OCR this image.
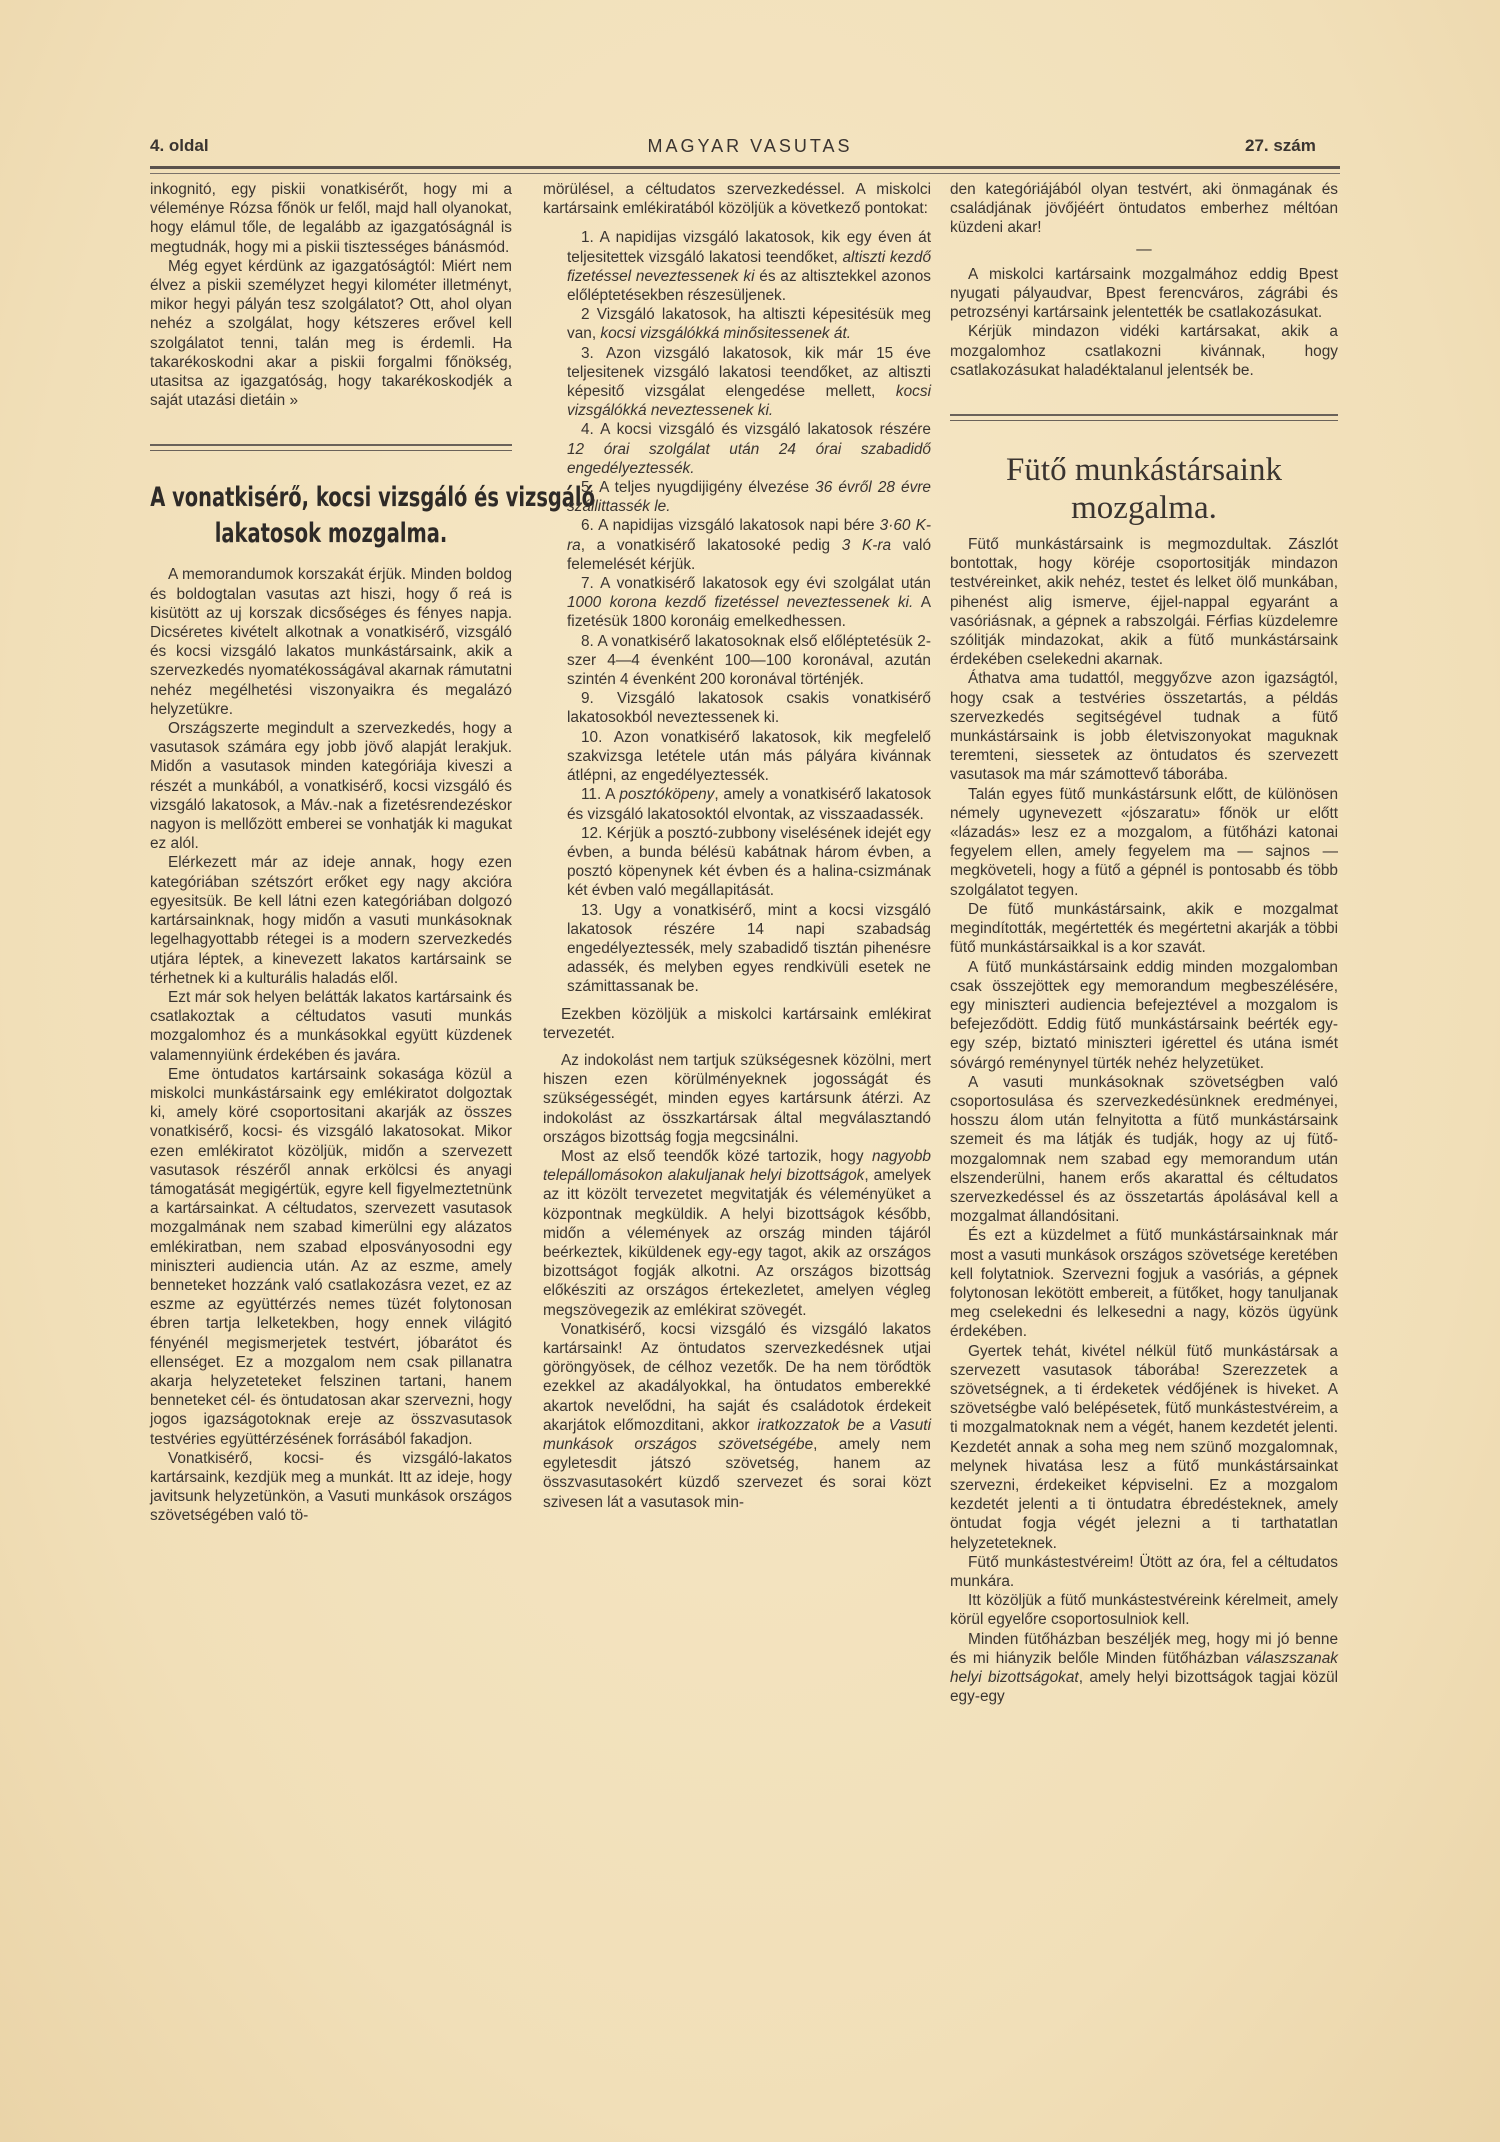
4. oldal	MAGYAR VASUTAS	27. szám

inkognitó, egy piskii vonatkisérőt, hogy mi a véleménye Rózsa főnök ur felől, majd hall olyanokat, hogy elámul tőle, de legalább az igazgatóságnál is megtudnák, hogy mi a piskii tisztességes bánásmód.

Még egyet kérdünk az igazgatóságtól: Miért nem élvez a piskii személyzet hegyi kilométer illetményt, mikor hegyi pályán tesz szolgálatot? Ott, ahol olyan nehéz a szolgálat, hogy kétszeres erővel kell szolgálatot tenni, talán meg is érdemli. Ha takarékoskodni akar a piskii forgalmi főnökség, utasitsa az igazgatóság, hogy takarékoskodjék a saját utazási dietáin »

A vonatkisérő, kocsi vizsgáló és vizsgáló
lakatosok mozgalma.

A memorandumok korszakát érjük. Minden boldog és boldogtalan vasutas azt hiszi, hogy ő reá is kisütött az uj korszak dicsőséges és fényes napja. Dicséretes kivételt alkotnak a vonatkisérő, vizsgáló és kocsi vizsgáló lakatos munkástársaink, akik a szervezkedés nyomatékosságával akarnak rámutatni nehéz megélhetési viszonyaikra és megalázó helyzetükre.

Országszerte megindult a szervezkedés, hogy a vasutasok számára egy jobb jövő alapját lerakjuk. Midőn a vasutasok minden kategóriája kiveszi a részét a munkából, a vonatkisérő, kocsi vizsgáló és vizsgáló lakatosok, a Máv.-nak a fizetésrendezéskor nagyon is mellőzött emberei se vonhatják ki magukat ez alól.

Elérkezett már az ideje annak, hogy ezen kategóriában szétszórt erőket egy nagy akcióra egyesitsük. Be kell látni ezen kategóriában dolgozó kartársainknak, hogy midőn a vasuti munkásoknak legelhagyottabb rétegei is a modern szervezkedés utjára léptek, a kinevezett lakatos kartársaink se térhetnek ki a kulturális haladás elől.

Ezt már sok helyen belátták lakatos kartársaink és csatlakoztak a céltudatos vasuti munkás mozgalomhoz és a munkásokkal együtt küzdenek valamennyiünk érdekében és javára.

Eme öntudatos kartársaink sokasága közül a miskolci munkástársaink egy emlékiratot dolgoztak ki, amely köré csoportositani akarják az összes vonatkisérő, kocsi- és vizsgáló lakatosokat. Mikor ezen emlékiratot közöljük, midőn a szervezett vasutasok részéről annak erkölcsi és anyagi támogatását megigértük, egyre kell figyelmeztetnünk a kartársainkat. A céltudatos, szervezett vasutasok mozgalmának nem szabad kimerülni egy alázatos emlékiratban, nem szabad elposványosodni egy miniszteri audiencia után. Az az eszme, amely benneteket hozzánk való csatlakozásra vezet, ez az eszme az együttérzés nemes tüzét folytonosan ébren tartja lelketekben, hogy ennek világitó fényénél megismerjetek testvért, jóbarátot és ellenséget. Ez a mozgalom nem csak pillanatra akarja helyzeteteket felszinen tartani, hanem benneteket cél- és öntudatosan akar szervezni, hogy jogos igazságotoknak ereje az összvasutasok testvéries együttérzésének forrásából fakadjon.

Vonatkisérő, kocsi- és vizsgáló-lakatos kartársaink, kezdjük meg a munkát. Itt az ideje, hogy javitsunk helyzetünkön, a Vasuti munkások országos szövetségében való tö-

mörülésel, a céltudatos szervezkedéssel. A miskolci kartársaink emlékiratából közöljük a következő pontokat:

1. A napidijas vizsgáló lakatosok, kik egy éven át teljesitettek vizsgáló lakatosi teendőket, altiszti kezdő fizetéssel neveztessenek ki és az altisztekkel azonos előléptetésekben részesüljenek.

2 Vizsgáló lakatosok, ha altiszti képesitésük meg van, kocsi vizsgálókká minősitessenek át.

3. Azon vizsgáló lakatosok, kik már 15 éve teljesitenek vizsgáló lakatosi teendőket, az altiszti képesitő vizsgálat elengedése mellett, kocsi vizsgálókká neveztessenek ki.

4. A kocsi vizsgáló és vizsgáló lakatosok részére 12 órai szolgálat után 24 órai szabadidő engedélyeztessék.

5. A teljes nyugdijigény élvezése 36 évről 28 évre szállittassék le.

6. A napidijas vizsgáló lakatosok napi bére 3·60 K-ra, a vonatkisérő lakatosoké pedig 3 K-ra való felemelését kérjük.

7. A vonatkisérő lakatosok egy évi szolgálat után 1000 korona kezdő fizetéssel neveztessenek ki. A fizetésük 1800 koronáig emelkedhessen.

8. A vonatkisérő lakatosoknak első előléptetésük 2-szer 4—4 évenként 100—100 koronával, azután szintén 4 évenként 200 koronával történjék.

9. Vizsgáló lakatosok csakis vonatkisérő lakatosokból neveztessenek ki.

10. Azon vonatkisérő lakatosok, kik megfelelő szakvizsga letétele után más pályára kivánnak átlépni, az engedélyeztessék.

11. A posztóköpeny, amely a vonatkisérő lakatosok és vizsgáló lakatosoktól elvontak, az visszaadassék.

12. Kérjük a posztó-zubbony viselésének idejét egy évben, a bunda bélésü kabátnak három évben, a posztó köpenynek két évben és a halina-csizmának két évben való megállapitását.

13. Ugy a vonatkisérő, mint a kocsi vizsgáló lakatosok részére 14 napi szabadság engedélyeztessék, mely szabadidő tisztán pihenésre adassék, és melyben egyes rendkivüli esetek ne számittassanak be.

Ezekben közöljük a miskolci kartársaink emlékirat tervezetét.

Az indokolást nem tartjuk szükségesnek közölni, mert hiszen ezen körülményeknek jogosságát és szükségességét, minden egyes kartársunk átérzi. Az indokolást az összkartársak által megválasztandó országos bizottság fogja megcsinálni.

Most az első teendők közé tartozik, hogy nagyobb telepállomásokon alakuljanak helyi bizottságok, amelyek az itt közölt tervezetet megvitatják és véleményüket a központnak megküldik. A helyi bizottságok később, midőn a vélemények az ország minden tájáról beérkeztek, kiküldenek egy-egy tagot, akik az országos bizottságot fogják alkotni. Az országos bizottság előkésziti az országos értekezletet, amelyen végleg megszövegezik az emlékirat szövegét.

Vonatkisérő, kocsi vizsgáló és vizsgáló lakatos kartársaink! Az öntudatos szervezkedésnek utjai göröngyösek, de célhoz vezetők. De ha nem törődtök ezekkel az akadályokkal, ha öntudatos emberekké akartok nevelődni, ha saját és családotok érdekeit akarjátok előmozditani, akkor iratkozzatok be a Vasuti munkások országos szövetségébe, amely nem egyletesdit játszó szövetség, hanem az összvasutasokért küzdő szervezet és sorai közt szivesen lát a vasutasok min-

den kategóriájából olyan testvért, aki önmagának és családjának jövőjéért öntudatos emberhez méltóan küzdeni akar!

—

A miskolci kartársaink mozgalmához eddig Bpest nyugati pályaudvar, Bpest ferencváros, zágrábi és petrozsényi kartársaink jelentették be csatlakozásukat.

Kérjük mindazon vidéki kartársakat, akik a mozgalomhoz csatlakozni kivánnak, hogy csatlakozásukat haladéktalanul jelentsék be.

Fütő munkástársaink
mozgalma.

Fütő munkástársaink is megmozdultak. Zászlót bontottak, hogy köréje csoportositják mindazon testvéreinket, akik nehéz, testet és lelket ölő munkában, pihenést alig ismerve, éjjel-nappal egyaránt a vasóriásnak, a gépnek a rabszolgái. Férfias küzdelemre szólitják mindazokat, akik a fütő munkástársaink érdekében cselekedni akarnak.

Áthatva ama tudattól, meggyőzve azon igazságtól, hogy csak a testvéries összetartás, a példás szervezkedés segitségével tudnak a fütő munkástársaink is jobb életviszonyokat maguknak teremteni, siessetek az öntudatos és szervezett vasutasok ma már számottevő táborába.

Talán egyes fütő munkástársunk előtt, de különösen némely ugynevezett «jószaratu» főnök ur előtt «lázadás» lesz ez a mozgalom, a fütőházi katonai fegyelem ellen, amely fegyelem ma — sajnos — megköveteli, hogy a fütő a gépnél is pontosabb és több szolgálatot tegyen.

De fütő munkástársaink, akik e mozgalmat megindították, megértették és megértetni akarják a többi fütő munkástársaikkal is a kor szavát.

A fütő munkástársaink eddig minden mozgalomban csak összejöttek egy memorandum megbeszélésére, egy miniszteri audiencia befejeztével a mozgalom is befejeződött. Eddig fütő munkástársaink beérték egy-egy szép, biztató miniszteri igérettel és utána ismét sóvárgó reménynyel türték nehéz helyzetüket.

A vasuti munkásoknak szövetségben való csoportosulása és szervezkedésünknek eredményei, hosszu álom után felnyitotta a fütő munkástársaink szemeit és ma látják és tudják, hogy az uj fütő-mozgalomnak nem szabad egy memorandum után elszenderülni, hanem erős akarattal és céltudatos szervezkedéssel és az összetartás ápolásával kell a mozgalmat állandósitani.

És ezt a küzdelmet a fütő munkástársainknak már most a vasuti munkások országos szövetsége keretében kell folytatniok. Szervezni fogjuk a vasóriás, a gépnek folytonosan lekötött embereit, a fütőket, hogy tanuljanak meg cselekedni és lelkesedni a nagy, közös ügyünk érdekében.

Gyertek tehát, kivétel nélkül fütő munkástársak a szervezett vasutasok táborába! Szerezzetek a szövetségnek, a ti érdeketek védőjének is hiveket. A szövetségbe való belépésetek, fütő munkástestvéreim, a ti mozgalmatoknak nem a végét, hanem kezdetét jelenti. Kezdetét annak a soha meg nem szünő mozgalomnak, melynek hivatása lesz a fütő munkástársainkat szervezni, érdekeiket képviselni. Ez a mozgalom kezdetét jelenti a ti öntudatra ébredésteknek, amely öntudat fogja végét jelezni a ti tarthatatlan helyzeteteknek.

Fütő munkástestvéreim! Ütött az óra, fel a céltudatos munkára.

Itt közöljük a fütő munkástestvéreink kérelmeit, amely körül egyelőre csoportosulniok kell.

Minden fütőházban beszéljék meg, hogy mi jó benne és mi hiányzik belőle Minden fütőházban válaszszanak helyi bizottságokat, amely helyi bizottságok tagjai közül egy-egy
